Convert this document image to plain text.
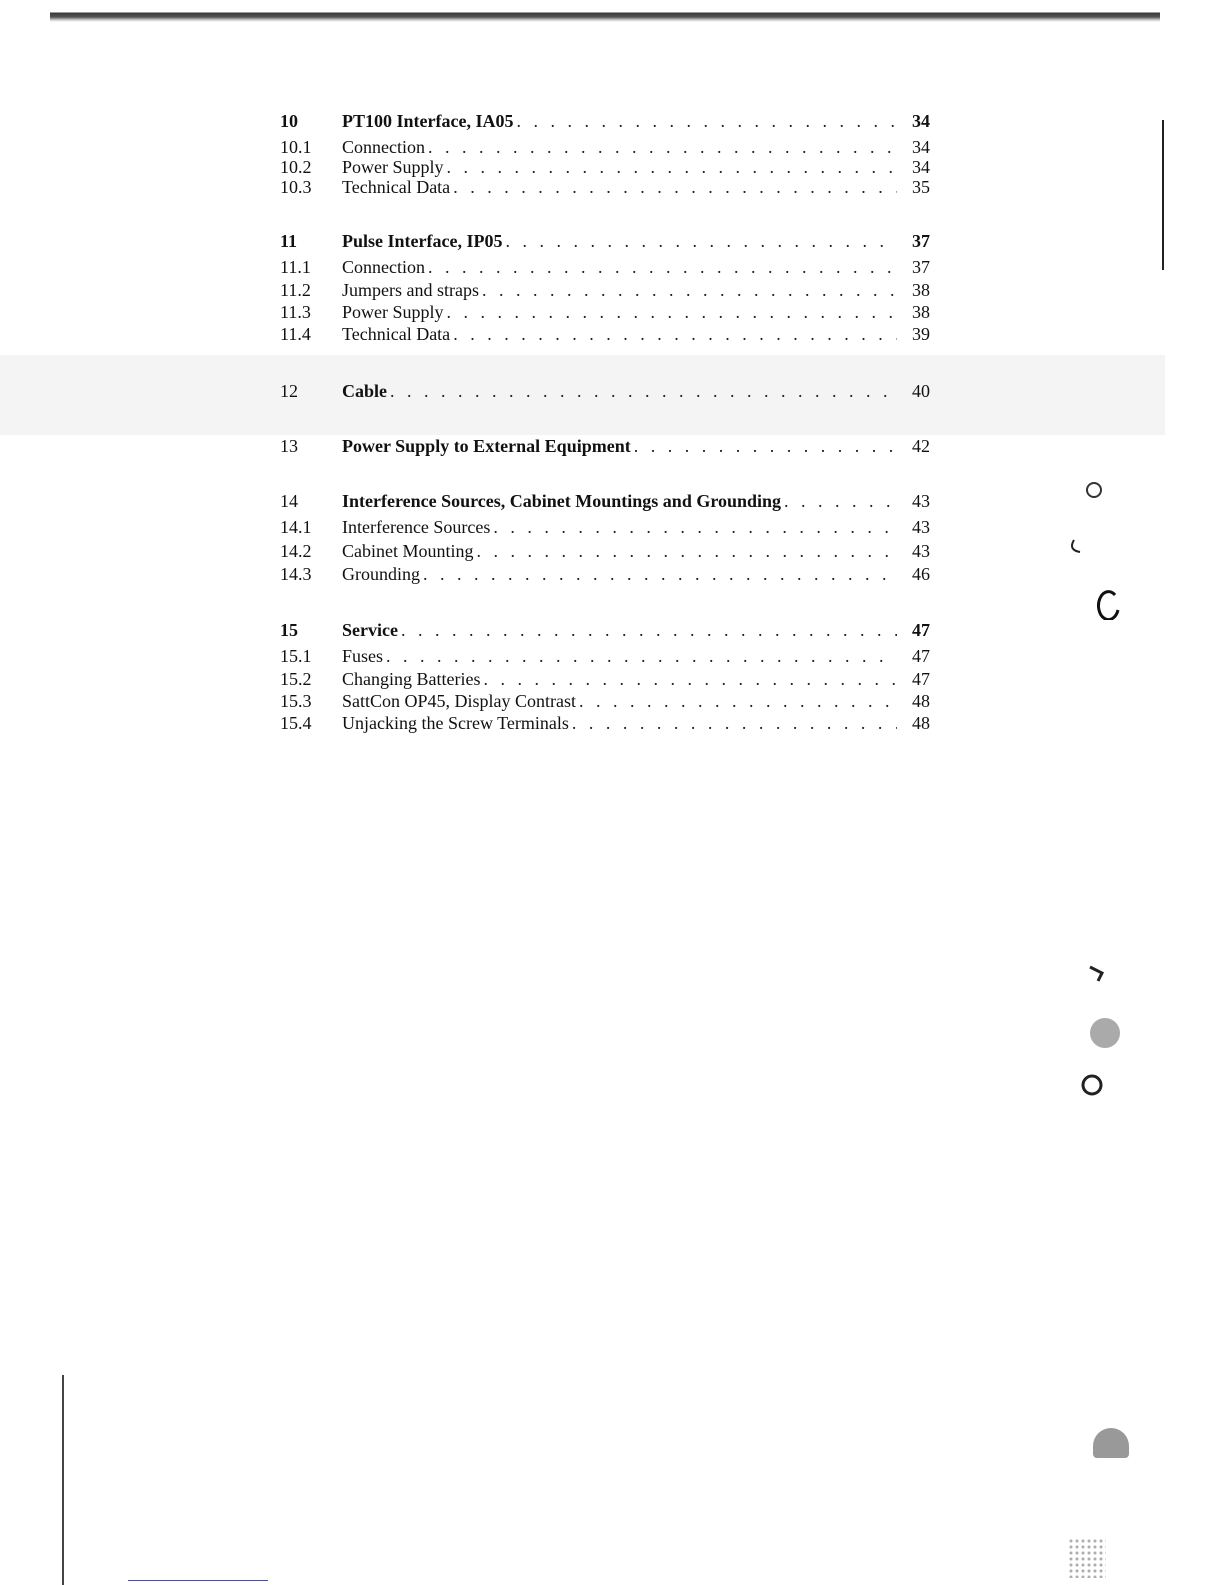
10	PT100 Interface, IA05 . . .	34
10.1	Connection . . .	34
10.2	Power Supply . . .	34
10.3	Technical Data . . .	35
11	Pulse Interface, IP05 . . .	37
11.1	Connection . . .	37
11.2	Jumpers and straps . . .	38
11.3	Power Supply . . .	38
11.4	Technical Data . . .	39
12	Cable . . .	40
13	Power Supply to External Equipment . . .	42
14	Interference Sources, Cabinet Mountings and Grounding . . .	43
14.1	Interference Sources . . .	43
14.2	Cabinet Mounting . . .	43
14.3	Grounding . . .	46
15	Service . . .	47
15.1	Fuses . . .	47
15.2	Changing Batteries . . .	47
15.3	SattCon OP45, Display Contrast . . .	48
15.4	Unjacking the Screw Terminals . . .	48
